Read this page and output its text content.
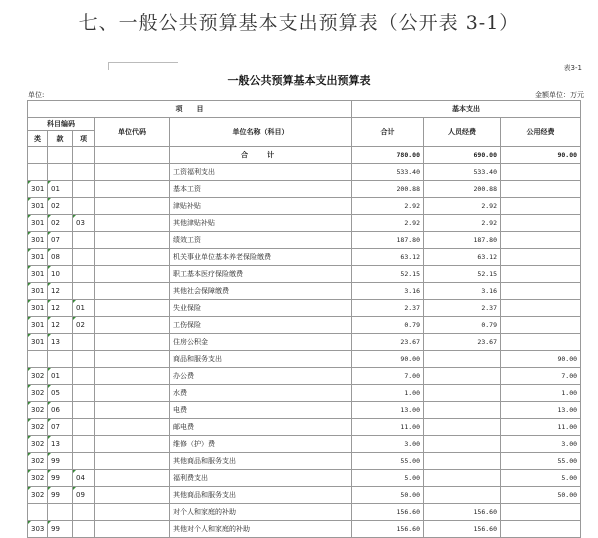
七、一般公共预算基本支出预算表（公开表 3-1）
表3-1
一般公共预算基本支出预算表
单位:	金额单位：万元
项　　目					基本支出		
科目编码			单位代码	单位名称（科目）	合计	人员经费	公用经费
类	款	项					
				合　计	780.00	690.00	90.00
				工资福利支出	533.40	533.40	
301	01			基本工资	200.88	200.88	
301	02			津贴补贴	2.92	2.92	
301	02	03		其他津贴补贴	2.92	2.92	
301	07			绩效工资	187.80	187.80	
301	08			机关事业单位基本养老保险缴费	63.12	63.12	
301	10			职工基本医疗保险缴费	52.15	52.15	
301	12			其他社会保障缴费	3.16	3.16	
301	12	01		失业保险	2.37	2.37	
301	12	02		工伤保险	0.79	0.79	
301	13			住房公积金	23.67	23.67	
				商品和服务支出	90.00		90.00
302	01			办公费	7.00		7.00
302	05			水费	1.00		1.00
302	06			电费	13.00		13.00
302	07			邮电费	11.00		11.00
302	13			维修（护）费	3.00		3.00
302	99			其他商品和服务支出	55.00		55.00
302	99	04		福利费支出	5.00		5.00
302	99	09		其他商品和服务支出	50.00		50.00
				对个人和家庭的补助	156.60	156.60	
303	99			其他对个人和家庭的补助	156.60	156.60	
